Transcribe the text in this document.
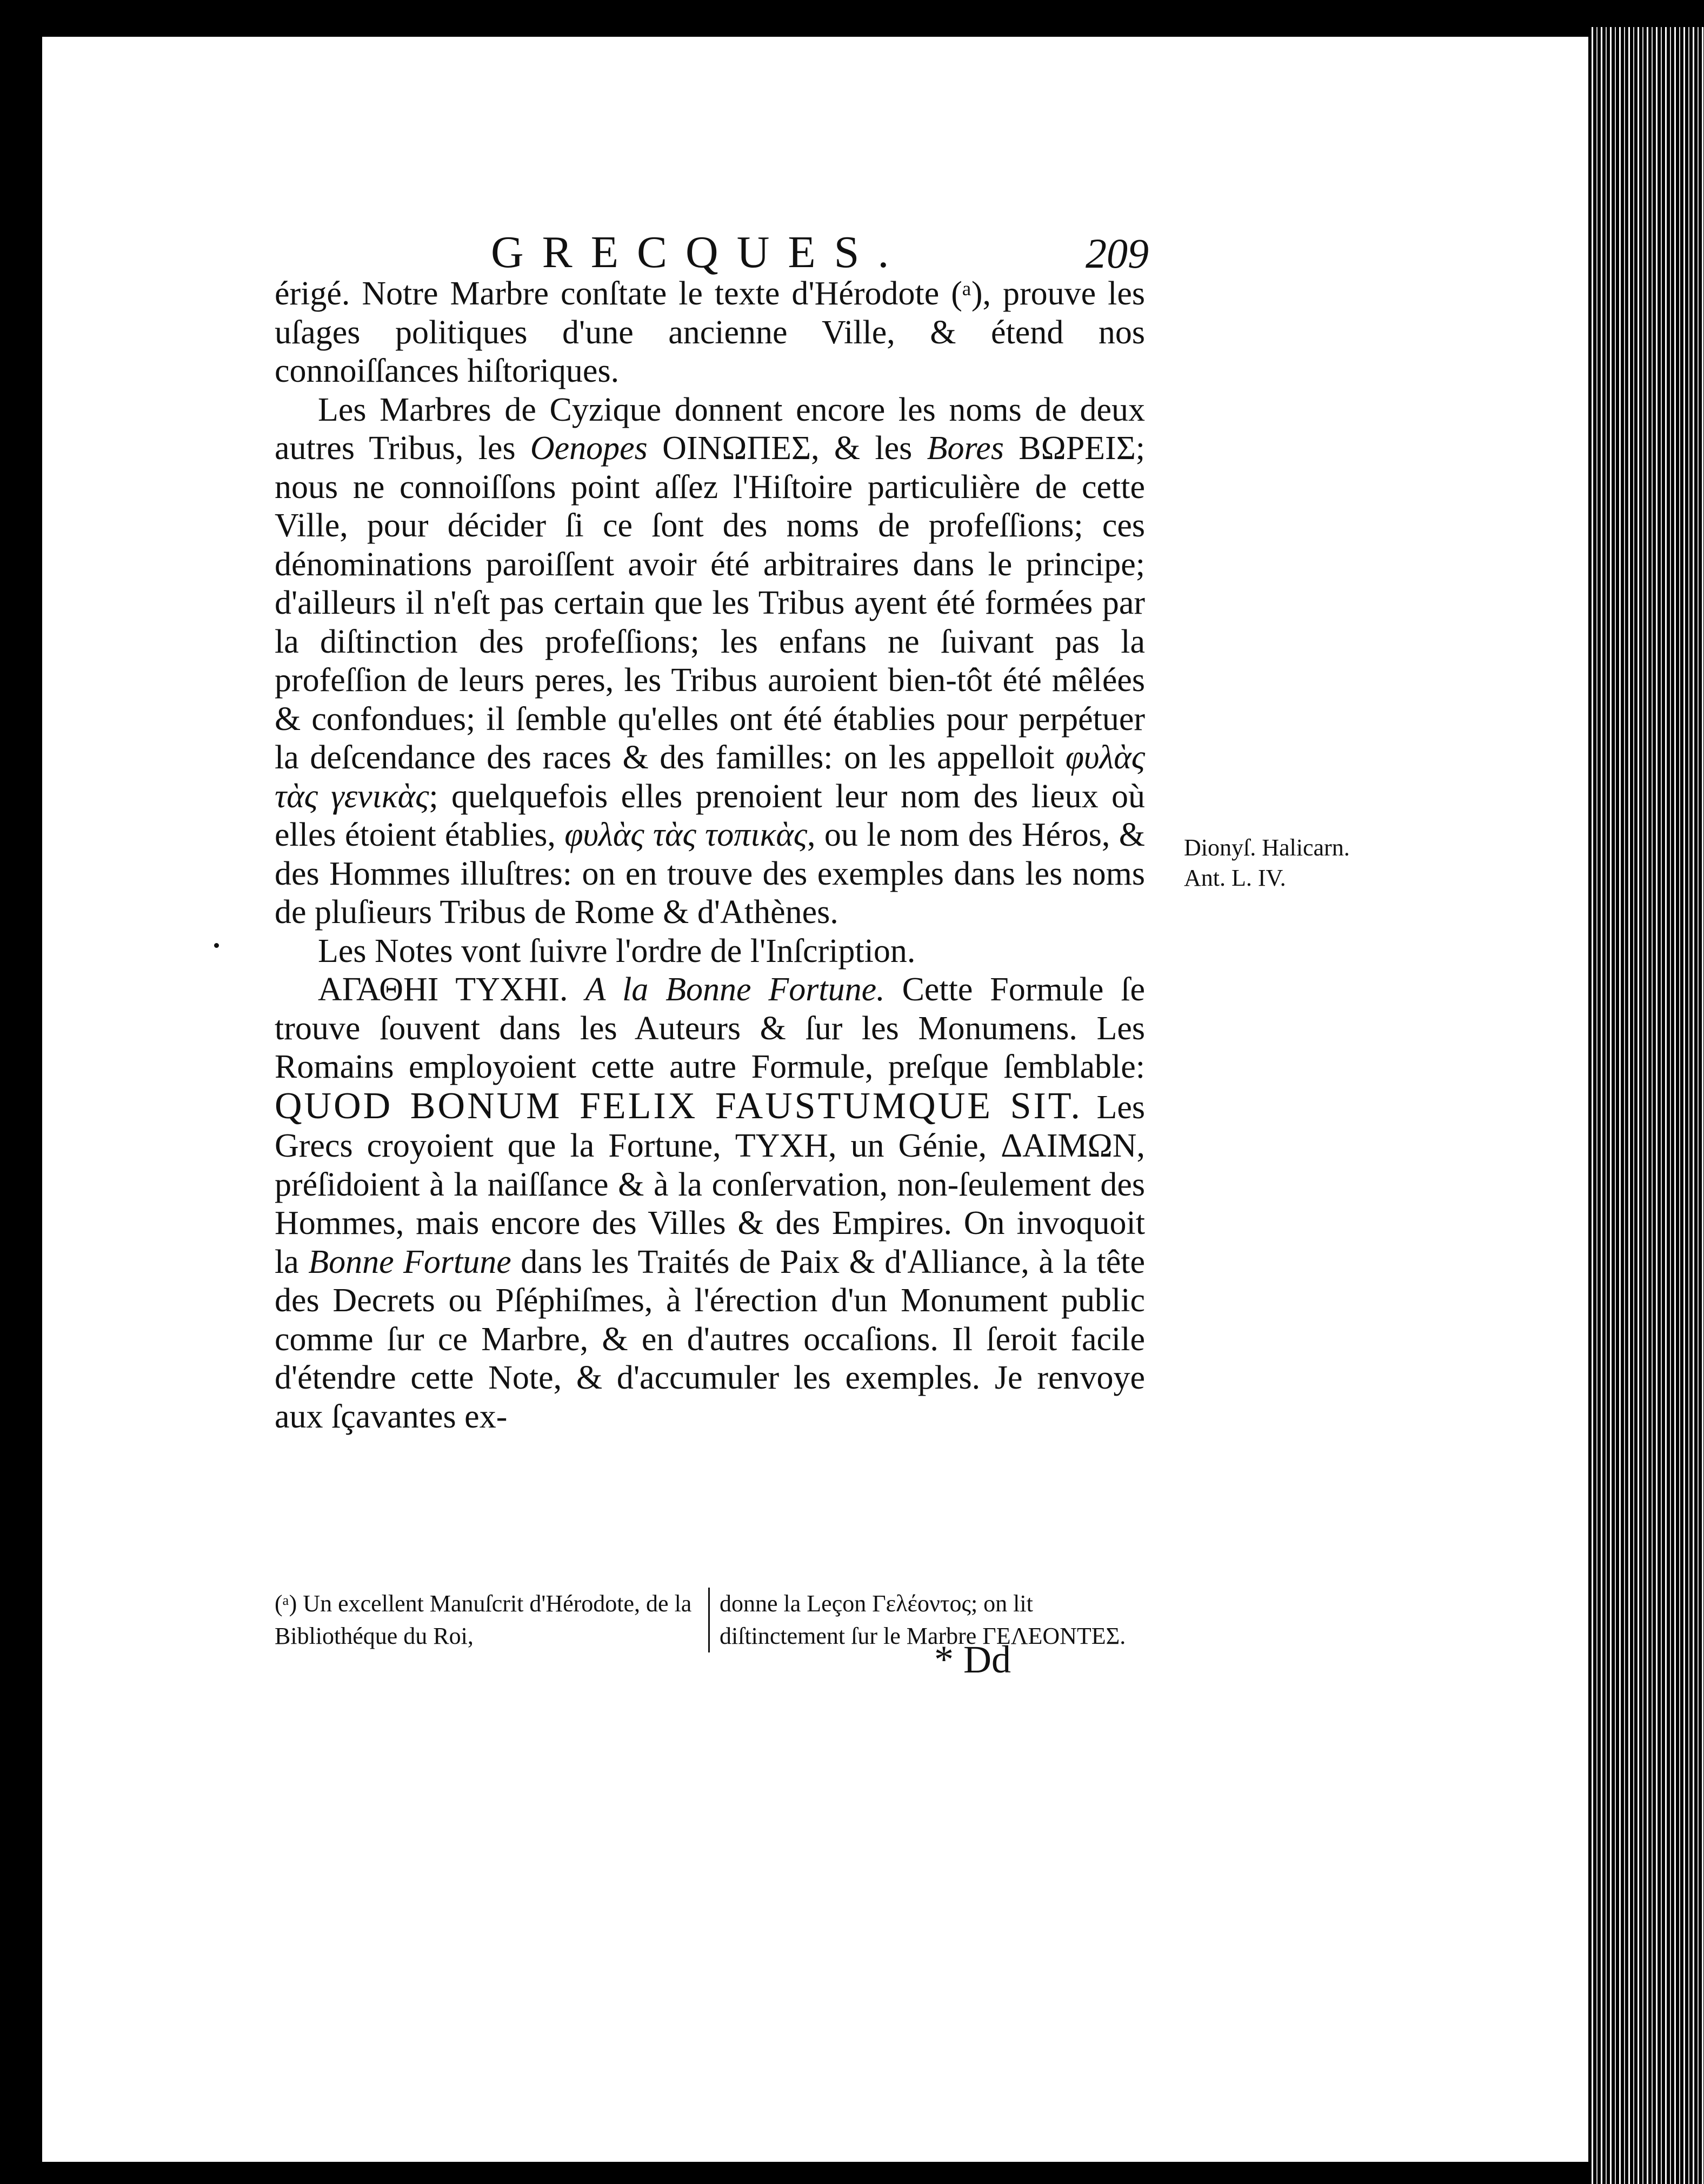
GRECQUES.	209

érigé. Notre Marbre conſtate le texte d'Hérodote (ᵃ), prouve les uſages politiques d'une ancienne Ville, & étend nos connoiſſances hiſtoriques.

Les Marbres de Cyzique donnent encore les noms de deux autres Tribus, les Oenopes ΟΙΝΩΠΕΣ, & les Bores ΒΩΡΕΙΣ; nous ne connoiſſons point aſſez l'Hiſtoire particulière de cette Ville, pour décider ſi ce ſont des noms de profeſſions; ces dénominations paroiſſent avoir été arbitraires dans le principe; d'ailleurs il n'eſt pas certain que les Tribus ayent été formées par la diſtinction des profeſſions; les enfans ne ſuivant pas la profeſſion de leurs peres, les Tribus auroient bien-tôt été mêlées & confondues; il ſemble qu'elles ont été établies pour perpétuer la deſcendance des races & des familles: on les appelloit φυλὰς τὰς γενικὰς; quelquefois elles prenoient leur nom des lieux où elles étoient établies, φυλὰς τὰς τοπικὰς, ou le nom des Héros, & des Hommes illuſtres: on en trouve des exemples dans les noms de pluſieurs Tribus de Rome & d'Athènes.

Les Notes vont ſuivre l'ordre de l'Inſcription.

ΑΓΑΘΗΙ ΤΥΧΗΙ. A la Bonne Fortune. Cette Formule ſe trouve ſouvent dans les Auteurs & ſur les Monumens. Les Romains employoient cette autre Formule, preſque ſemblable: QUOD BONUM FELIX FAUSTUMQUE SIT. Les Grecs croyoient que la Fortune, ΤΥΧΗ, un Génie, ΔΑΙΜΩΝ, préſidoient à la naiſſance & à la conſervation, non-ſeulement des Hommes, mais encore des Villes & des Empires. On invoquoit la Bonne Fortune dans les Traités de Paix & d'Alliance, à la tête des Decrets ou Pſéphiſmes, à l'érection d'un Monument public comme ſur ce Marbre, & en d'autres occaſions. Il ſeroit facile d'étendre cette Note, & d'accumuler les exemples. Je renvoye aux ſçavantes ex-

Dionyſ. Halicarn. Ant. L. IV.
(ᵃ) Un excellent Manuſcrit d'Hérodote, de la Bibliothéque du Roi,
donne la Leçon Γελέοντος; on lit diſtinctement ſur le Marbre ΓΕΛΕΟΝΤΕΣ.
* Dd
